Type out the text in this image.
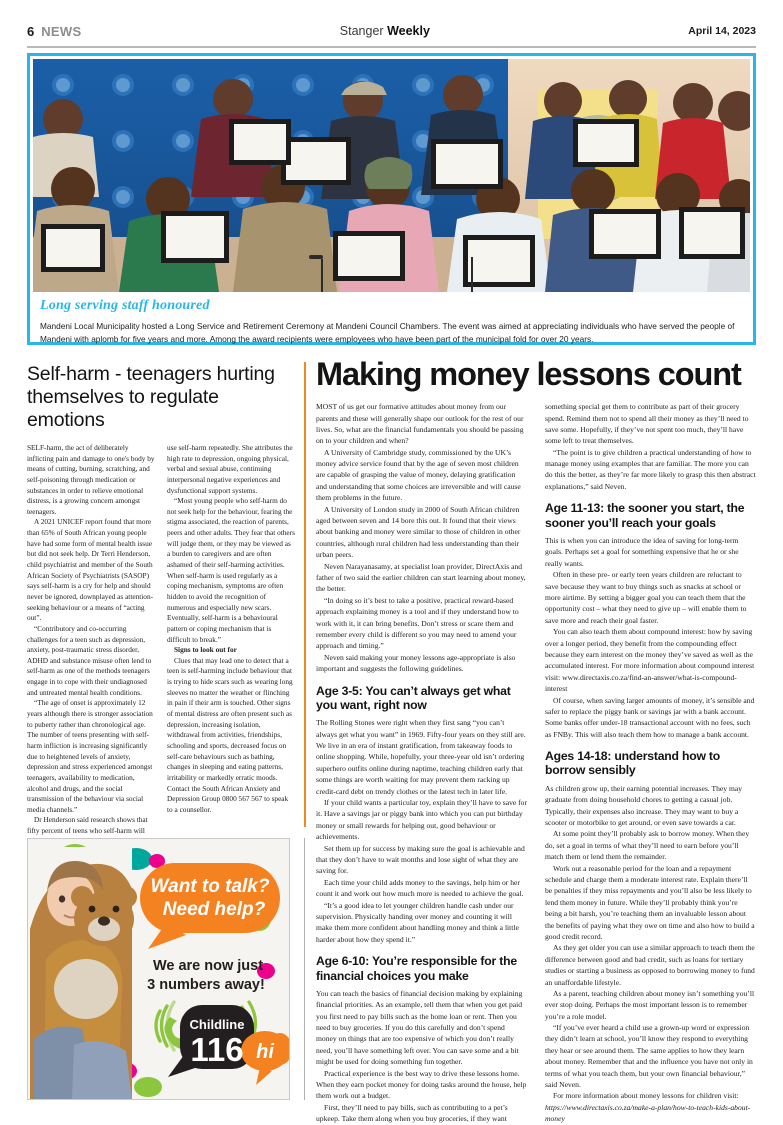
6 NEWS	Stanger Weekly	April 14, 2023
Long serving staff honoured
Mandeni Local Municipality hosted a Long Service and Retirement Ceremony at Mandeni Council Chambers. The event was aimed at appreciating individuals who have served the people of Mandeni with aplomb for five years and more. Among the award recipients were employees who have been part of the municipal fold for over 20 years.
Self-harm - teenagers hurting themselves to regulate emotions

SELF-harm, the act of deliberately inflicting pain and damage to one's body by means of cutting, burning, scratching, and self-poisoning through medication or substances in order to relieve emotional distress, is a growing concern amongst teenagers.

A 2021 UNICEF report found that more than 65% of South African young people have had some form of mental health issue but did not seek help. Dr Terri Henderson, child psychiatrist and member of the South African Society of Psychiatrists (SASOP) says self-harm is a cry for help and should never be ignored, downplayed as attention-seeking behaviour or a means of “acting out”.

“Contributory and co-occurring challenges for a teen such as depression, anxiety, post-traumatic stress disorder, ADHD and substance misuse often lend to self-harm as one of the methods teenagers engage in to cope with their undiagnosed and untreated mental health conditions.

“The age of onset is approximately 12 years although there is stronger association to puberty rather than chronological age. The number of teens presenting with self-harm infliction is increasing significantly due to heightened levels of anxiety, depression and stress experienced amongst teenagers, availability to medication, alcohol and drugs, and the social transmission of the behaviour via social media channels.”

Dr Henderson said research shows that fifty percent of teens who self-harm will use self-harm repeatedly. She attributes the high rate to depression, ongoing physical, verbal and sexual abuse, continuing interpersonal negative experiences and dysfunctional support systems.

“Most young people who self-harm do not seek help for the behaviour, fearing the stigma associated, the reaction of parents, peers and other adults. They fear that others will judge them, or they may be viewed as a burden to caregivers and are often ashamed of their self-harming activities. When self-harm is used regularly as a coping mechanism, symptoms are often hidden to avoid the recognition of numerous and especially new scars. Eventually, self-harm is a behavioural pattern or coping mechanism that is difficult to break.”

Signs to look out for

Clues that may lead one to detect that a teen is self-harming include behaviour that is trying to hide scars such as wearing long sleeves no matter the weather or flinching in pain if their arm is touched. Other signs of mental distress are often present such as depression, increasing isolation, withdrawal from activities, friendships, schooling and sports, decreased focus on self-care behaviours such as bathing, changes in sleeping and eating patterns, irritability or markedly erratic moods. Contact the South African Anxiety and Depression Group 0800 567 567 to speak to a counsellor.

Want to talk?
Need help?
We are now just
3 numbers away!
Childline
116 hi
Making money lessons count

MOST of us get our formative attitudes about money from our parents and these will generally shape our outlook for the rest of our lives. So, what are the financial fundamentals you should be passing on to your children and when?

A University of Cambridge study, commissioned by the UK’s money advice service found that by the age of seven most children are capable of grasping the value of money, delaying gratification and understanding that some choices are irreversible and will cause them problems in the future.

A University of London study in 2000 of South African children aged between seven and 14 bore this out. It found that their views about banking and money were similar to those of children in other countries, although rural children had less understanding than their urban peers.

Neven Narayanasamy, at specialist loan provider, DirectAxis and father of two said the earlier children can start learning about money, the better.

“In doing so it’s best to take a positive, practical reward-based approach explaining money is a tool and if they understand how to work with it, it can bring benefits. Don’t stress or scare them and remember every child is different so you may need to amend your approach and timing.”

Neven said making your money lessons age-appropriate is also important and suggests the following guidelines.

Age 3-5: You can’t always get what you want, right now

The Rolling Stones were right when they first sang “you can’t always get what you want” in 1969. Fifty-four years on they still are. We live in an era of instant gratification, from takeaway foods to online shopping. While, hopefully, your three-year old isn’t ordering superhero outfits online during naptime, teaching children early that some things are worth waiting for may prevent them racking up credit-card debt on trendy clothes or the latest tech in later life.

If your child wants a particular toy, explain they’ll have to save for it. Have a savings jar or piggy bank into which you can put birthday money or small rewards for helping out, good behaviour or achievements.

Set them up for success by making sure the goal is achievable and that they don’t have to wait months and lose sight of what they are saving for.

Each time your child adds money to the savings, help him or her count it and work out how much more is needed to achieve the goal.

“It’s a good idea to let younger children handle cash under our supervision. Physically handing over money and counting it will make them more confident about handling money and think a little harder about how they spend it.”

Age 6-10: You’re responsible for the financial choices you make

You can teach the basics of financial decision making by explaining financial priorities. As an example, tell them that when you get paid you first need to pay bills such as the home loan or rent. Then you need to buy groceries. If you do this carefully and don’t spend money on things that are too expensive of which you don’t really need, you’ll have something left over. You can save some and a bit might be used for doing something fun together.

Practical experience is the best way to drive these lessons home. When they earn pocket money for doing tasks around the house, help them work out a budget.

First, they’ll need to pay bills, such as contributing to a pet’s upkeep. Take them along when you buy groceries, if they want something special get them to contribute as part of their grocery spend. Remind them not to spend all their money as they’ll need to save some. Hopefully, if they’ve not spent too much, they’ll have some left to treat themselves.

“The point is to give children a practical understanding of how to manage money using examples that are familiar. The more you can do this the better, as they’re far more likely to grasp this then abstract explanations,” said Neven.

Age 11-13: the sooner you start, the sooner you’ll reach your goals

This is when you can introduce the idea of saving for long-term goals. Perhaps set a goal for something expensive that he or she really wants.

Often in these pre- or early teen years children are reluctant to save because they want to buy things such as snacks at school or more airtime. By setting a bigger goal you can teach them that the opportunity cost – what they need to give up – will enable them to save more and reach their goal faster.

You can also teach them about compound interest: how by saving over a longer period, they benefit from the compounding effect because they earn interest on the money they’ve saved as well as the accumulated interest. For more information about compound interest visit: www.directaxis.co.za/find-an-answer/what-is-compound-interest

Of course, when saving larger amounts of money, it’s sensible and safer to replace the piggy bank or savings jar with a bank account. Some banks offer under-18 transactional account with no fees, such as FNBy. This will also teach them how to manage a bank account.

Ages 14-18: understand how to borrow sensibly

As children grow up, their earning potential increases. They may graduate from doing household chores to getting a casual job. Typically, their expenses also increase. They may want to buy a scooter or motorbike to get around, or even save towards a car.

At some point they’ll probably ask to borrow money. When they do, set a goal in terms of what they’ll need to earn before you’ll match them or lend them the remainder.

Work out a reasonable period for the loan and a repayment schedule and charge them a moderate interest rate. Explain there’ll be penalties if they miss repayments and you’ll also be less likely to lend them money in future. While they’ll probably think you’re being a bit harsh, you’re teaching them an invaluable lesson about the benefits of paying what they owe on time and also how to build a good credit record.

As they get older you can use a similar approach to teach them the difference between good and bad credit, such as loans for tertiary studies or starting a business as opposed to borrowing money to fund an unaffordable lifestyle.

As a parent, teaching children about money isn’t something you’ll ever stop doing. Perhaps the most important lesson is to remember you’re a role model.

“If you’ve ever heard a child use a grown-up word or expression they didn’t learn at school, you’ll know they respond to everything they hear or see around them. The same applies to how they learn about money. Remember that and the influence you have not only in terms of what you teach them, but your own financial behaviour,” said Neven.

For more information about money lessons for children visit: https://www.directaxis.co.za/make-a-plan/how-to-teach-kids-about-money
